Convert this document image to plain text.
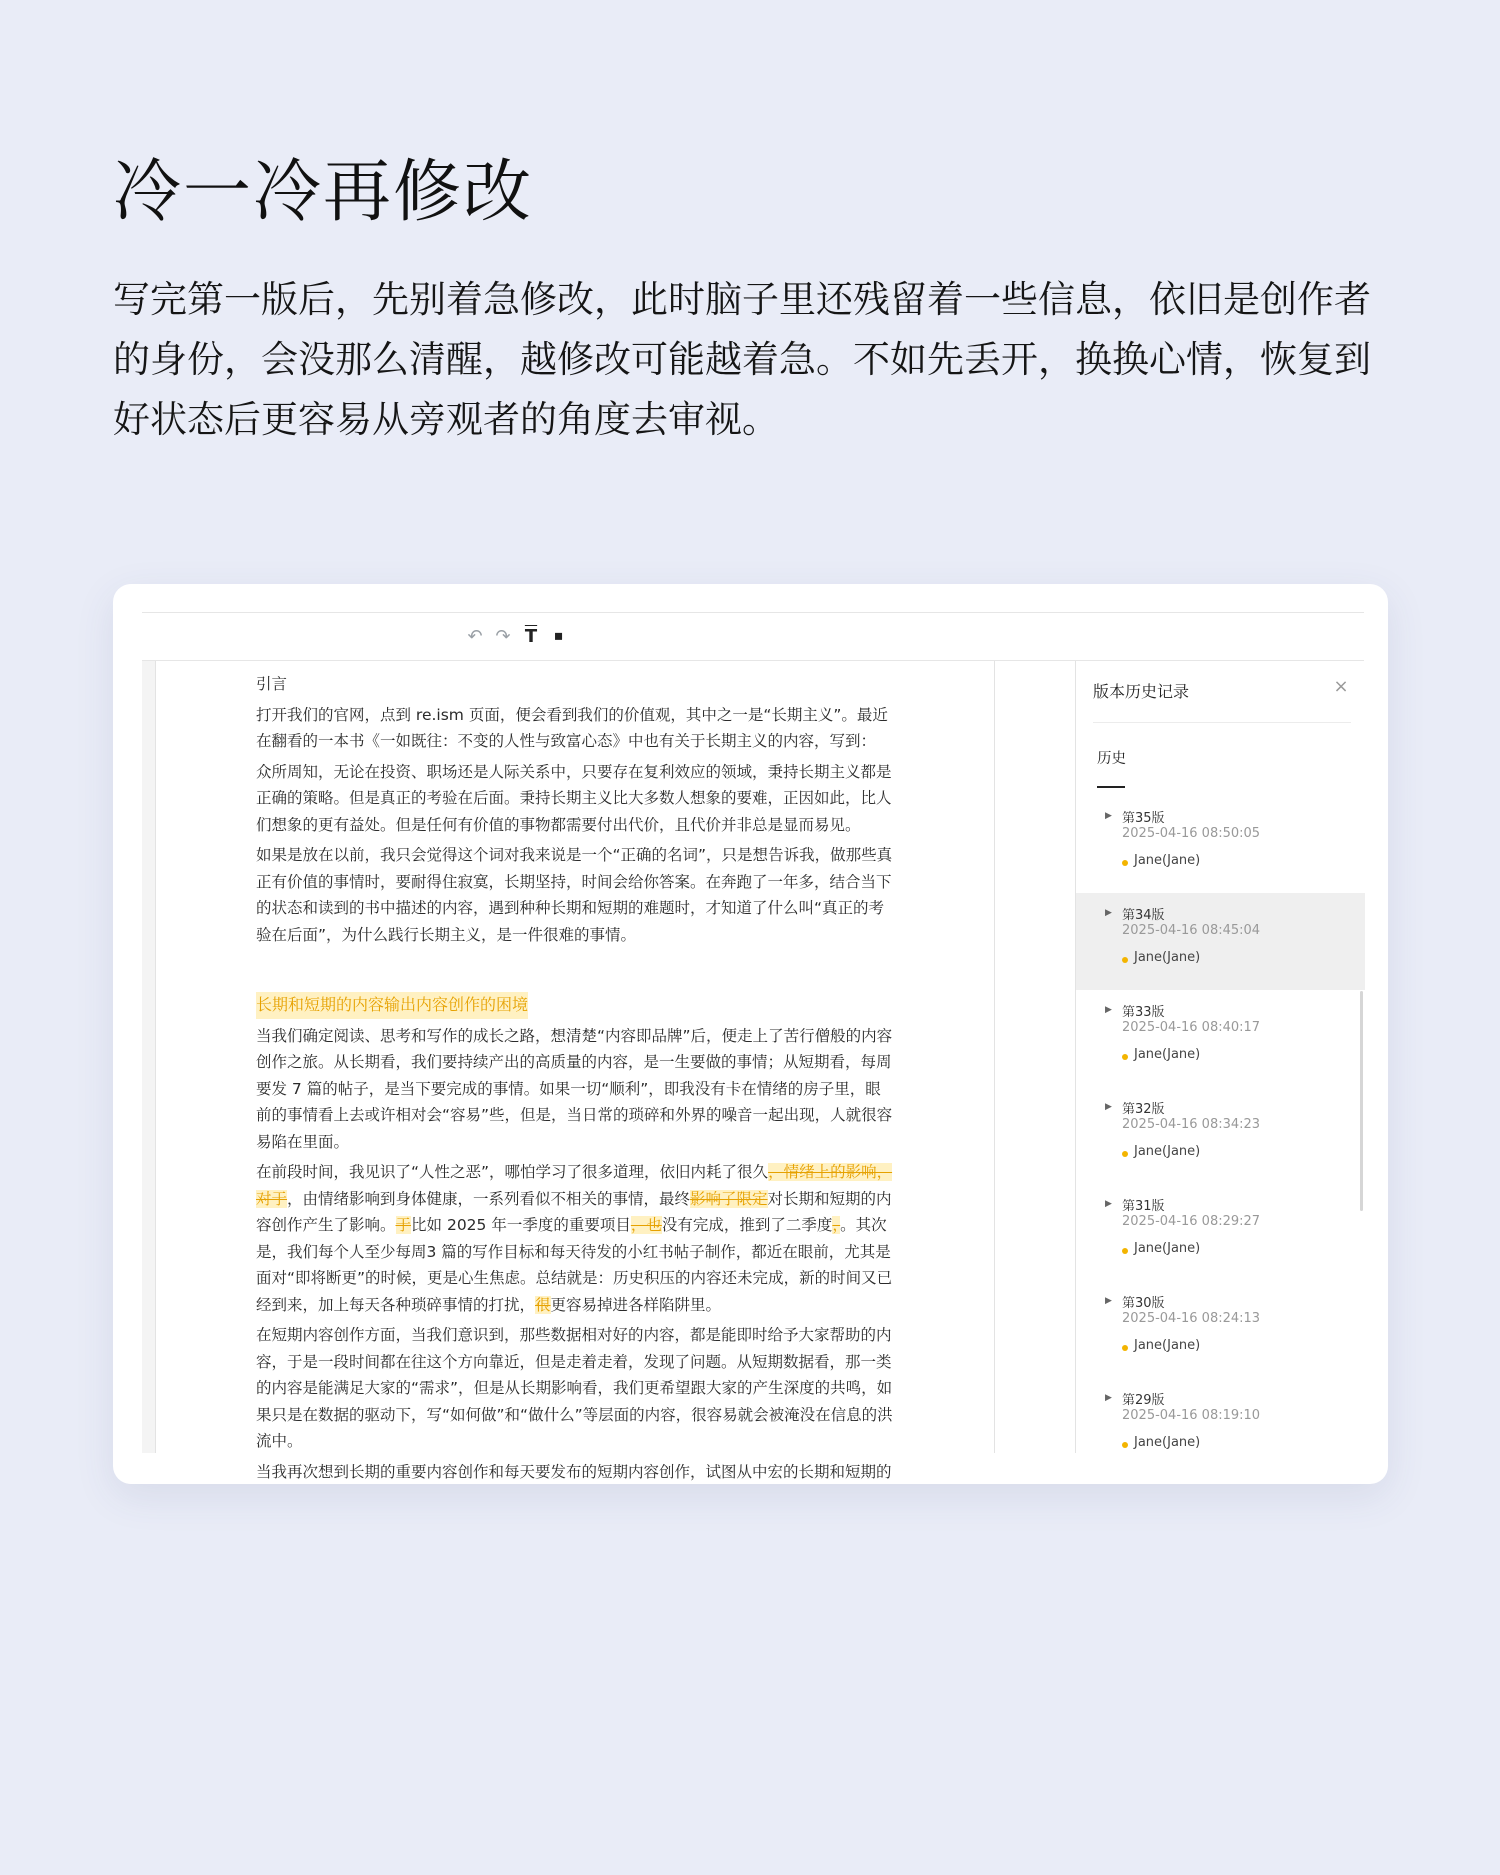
冷一冷再修改

写完第一版后，先别着急修改，此时脑子里还残留着一些信息，依旧是创作者的身份，会没那么清醒，越修改可能越着急。不如先丢开，换换心情，恢复到好状态后更容易从旁观者的角度去审视。

↶ ↷ $\overline{T}$	◆

引言

打开我们的官网，点到 re.ism 页面，便会看到我们的价值观，其中之一是“长期主义”。最近在翻看的一本书《一如既往：不变的人性与致富心态》中也有关于长期主义的内容，写到：

众所周知，无论在投资、职场还是人际关系中，只要存在复利效应的领域，秉持长期主义都是正确的策略。但是真正的考验在后面。秉持长期主义比大多数人想象的要难，正因如此，比人们想象的更有益处。但是任何有价值的事物都需要付出代价，且代价并非总是显而易见。

如果是放在以前，我只会觉得这个词对我来说是一个“正确的名词”，只是想告诉我，做那些真正有价值的事情时，要耐得住寂寞，长期坚持，时间会给你答案。在奔跑了一年多，结合当下的状态和读到的书中描述的内容，遇到种种长期和短期的难题时，才知道了什么叫“真正的考验在后面”，为什么践行长期主义，是一件很难的事情。

长期和短期的内容输出内容创作的困境

当我们确定阅读、思考和写作的成长之路，想清楚“内容即品牌”后，便走上了苦行僧般的内容创作之旅。从长期看，我们要持续产出的高质量的内容，是一生要做的事情；从短期看，每周要发 7 篇的帖子，是当下要完成的事情。如果一切“顺利”，即我没有卡在情绪的房子里，眼前的事情看上去或许相对会“容易”些，但是，当日常的琐碎和外界的噪音一起出现，人就很容易陷在里面。

在前段时间，我见识了“人性之恶”，哪怕学习了很多道理，依旧内耗了很久，情绪上的影响，对于，由情绪影响到身体健康，一系列看似不相关的事情，最终影响了限定对长期和短期的内容创作产生了影响。于比如 2025 年一季度的重要项目，也没有完成，推到了二季度，。其次是，我们每个人至少每周3 篇的写作目标和每天待发的小红书帖子制作，都近在眼前，尤其是面对“即将断更”的时候，更是心生焦虑。总结就是：历史积压的内容还未完成，新的时间又已经到来，加上每天各种琐碎事情的打扰，很更容易掉进各样陷阱里。

在短期内容创作方面，当我们意识到，那些数据相对好的内容，都是能即时给予大家帮助的内容，于是一段时间都在往这个方向靠近，但是走着走着，发现了问题。从短期数据看，那一类的内容是能满足大家的“需求”，但是从长期影响看，我们更希望跟大家的产生深度的共鸣，如果只是在数据的驱动下，写“如何做”和“做什么”等层面的内容，很容易就会被淹没在信息的洪流中。

当我再次想到长期的重要内容创作和每天要发布的短期内容创作，试图从中宏的长期和短期的

版本历史记录	×
历史
▶ 第35版
2025-04-16 08:50:05
Jane(Jane)
▶ 第34版
2025-04-16 08:45:04
Jane(Jane)
▶ 第33版
2025-04-16 08:40:17
Jane(Jane)
▶ 第32版
2025-04-16 08:34:23
Jane(Jane)
▶ 第31版
2025-04-16 08:29:27
Jane(Jane)
▶ 第30版
2025-04-16 08:24:13
Jane(Jane)
▶ 第29版
2025-04-16 08:19:10
Jane(Jane)
